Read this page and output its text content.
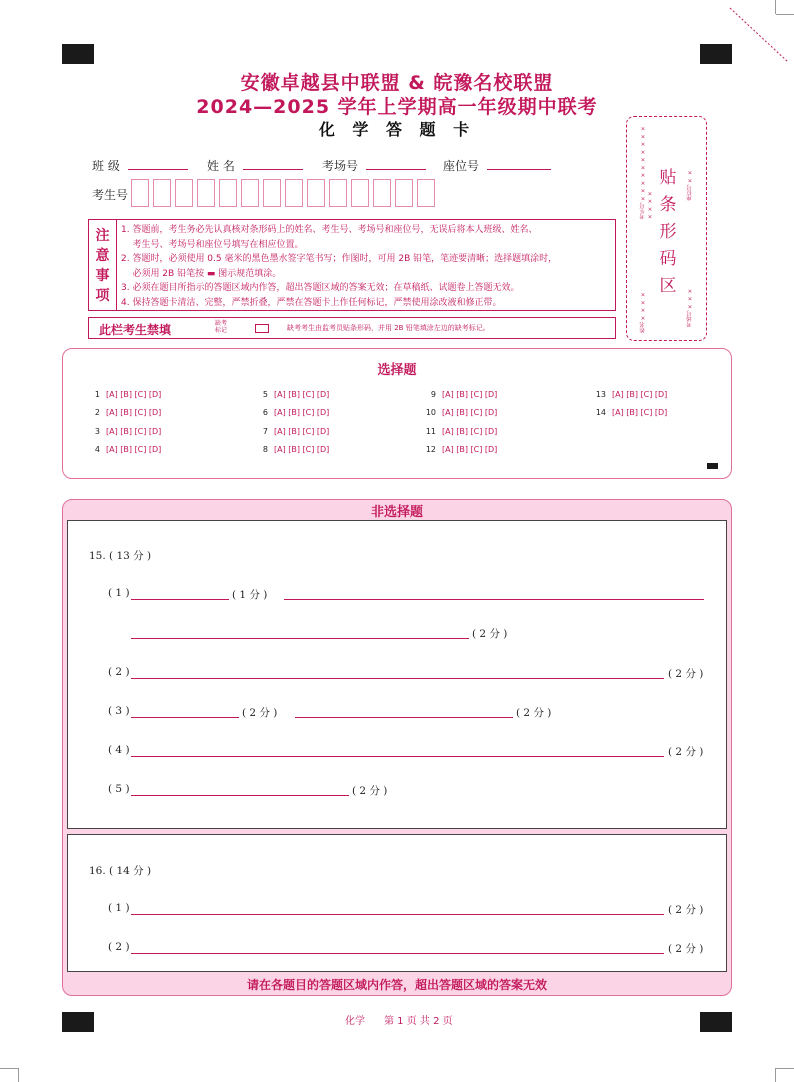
安徽卓越县中联盟 & 皖豫名校联盟
2024—2025 学年上学期高一年级期中联考
化 学 答 题 卡
班 级	姓 名	考场号	座位号
考生号
注
意
事
项
1. 答题前，考生务必先认真核对条形码上的姓名、考生号、考场号和座位号，无误后将本人班级、姓名、
考生号、考场号和座位号填写在相应位置。
2. 答题时，必须使用 0.5 毫米的黑色墨水签字笔书写；作图时，可用 2B 铅笔，笔迹要清晰；选择题填涂时，
必须用 2B 铅笔按 ▬ 图示规范填涂。
3. 必须在题目所指示的答题区域内作答，超出答题区域的答案无效；在草稿纸、试题卷上答题无效。
4. 保持答题卡清洁、完整，严禁折叠，严禁在答题卡上作任何标记，严禁使用涂改液和修正带。
此栏考生禁填	缺考标记	缺考考生由监考员贴条形码，并用 2B 铅笔填涂左边的缺考标记。
考生号 × × × × × × × × × × × × × ×
姓名 × × × ×
贴
条
形
码
区
座位号 × ×
考场号 × × ×
选择题
1 [A] [B] [C] [D]
2 [A] [B] [C] [D]
3 [A] [B] [C] [D]
4 [A] [B] [C] [D]
5 [A] [B] [C] [D]
6 [A] [B] [C] [D]
7 [A] [B] [C] [D]
8 [A] [B] [C] [D]
9 [A] [B] [C] [D]
10 [A] [B] [C] [D]
11 [A] [B] [C] [D]
12 [A] [B] [C] [D]
13 [A] [B] [C] [D]
14 [A] [B] [C] [D]
非选择题
请在各题目的答题区域内作答，超出答题区域的答案无效
15. ( 13 分 )
( 1 )	( 1 分 )
( 2 分 )
( 2 )	( 2 分 )
( 3 )	( 2 分 )	( 2 分 )
( 4 )	( 2 分 )
( 5 )	( 2 分 )
16. ( 14 分 )
( 1 )	( 2 分 )
( 2 )	( 2 分 )
化学 第 1 页 共 2 页
